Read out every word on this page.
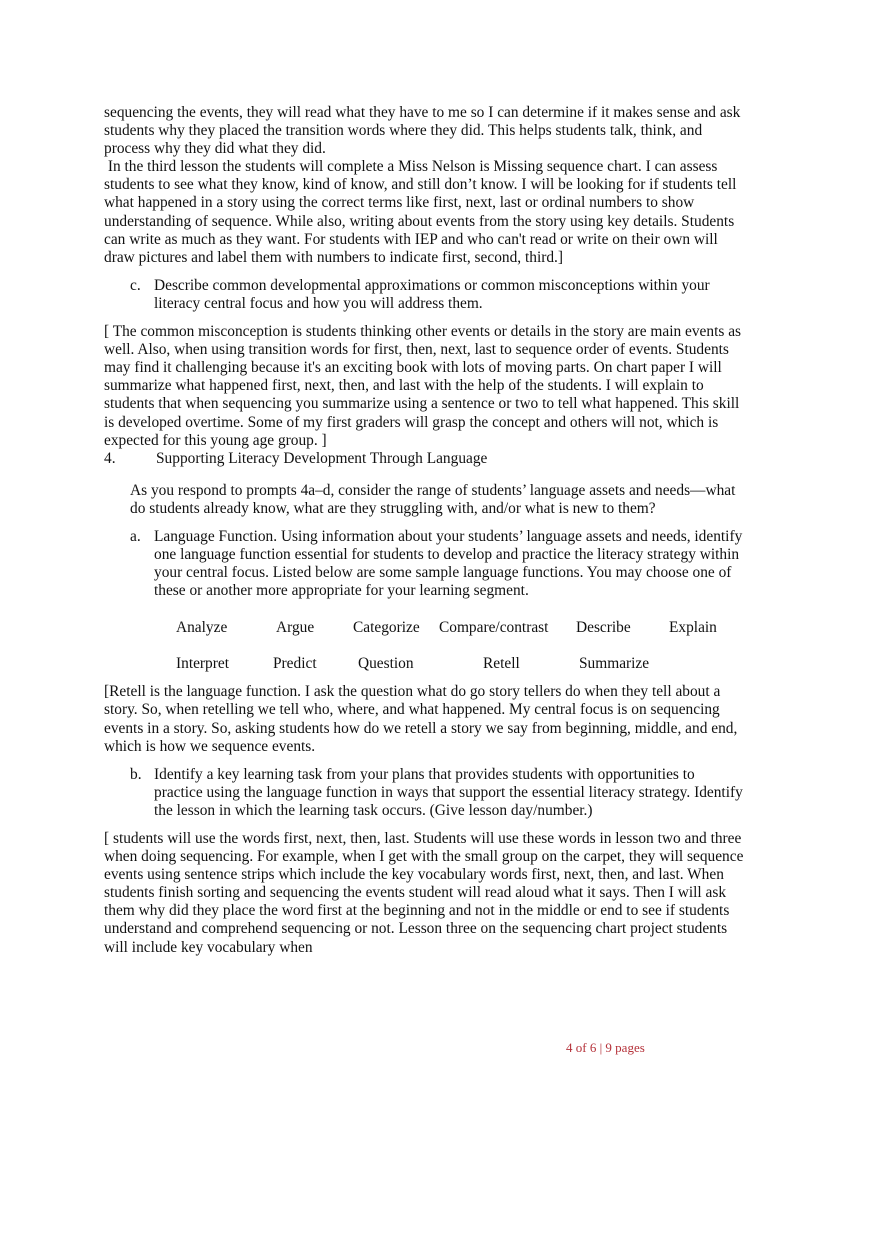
sequencing the events, they will read what they have to me so I can determine if it makes sense and ask students why they placed the transition words where they did. This helps students talk, think, and process why they did what they did.

In the third lesson the students will complete a Miss Nelson is Missing sequence chart. I can assess students to see what they know, kind of know, and still don’t know. I will be looking for if students tell what happened in a story using the correct terms like first, next, last or ordinal numbers to show understanding of sequence. While also, writing about events from the story using key details. Students can write as much as they want. For students with IEP and who can't read or write on their own will draw pictures and label them with numbers to indicate first, second, third.]

c. Describe common developmental approximations or common misconceptions within your literacy central focus and how you will address them.

[ The common misconception is students thinking other events or details in the story are main events as well. Also, when using transition words for first, then, next, last to sequence order of events. Students may find it challenging because it's an exciting book with lots of moving parts. On chart paper I will summarize what happened first, next, then, and last with the help of the students. I will explain to students that when sequencing you summarize using a sentence or two to tell what happened. This skill is developed overtime. Some of my first graders will grasp the concept and others will not, which is expected for this young age group. ]

4.	Supporting Literacy Development Through Language

As you respond to prompts 4a–d, consider the range of students’ language assets and needs—what do students already know, what are they struggling with, and/or what is new to them?

a. Language Function. Using information about your students’ language assets and needs, identify one language function essential for students to develop and practice the literacy strategy within your central focus. Listed below are some sample language functions. You may choose one of these or another more appropriate for your learning segment.
Analyze	Argue	Categorize Compare/contrast Describe Explain
Interpret	Predict	Question	Retell	Summarize

[Retell is the language function. I ask the question what do go story tellers do when they tell about a story. So, when retelling we tell who, where, and what happened. My central focus is on sequencing events in a story. So, asking students how do we retell a story we say from beginning, middle, and end, which is how we sequence events.

b. Identify a key learning task from your plans that provides students with opportunities to practice using the language function in ways that support the essential literacy strategy. Identify the lesson in which the learning task occurs. (Give lesson day/number.)

[ students will use the words first, next, then, last. Students will use these words in lesson two and three when doing sequencing. For example, when I get with the small group on the carpet, they will sequence events using sentence strips which include the key vocabulary words first, next, then, and last. When students finish sorting and sequencing the events student will read aloud what it says. Then I will ask them why did they place the word first at the beginning and not in the middle or end to see if students understand and comprehend sequencing or not. Lesson three on the sequencing chart project students will include key vocabulary when

4 of 6 | 9 pages
